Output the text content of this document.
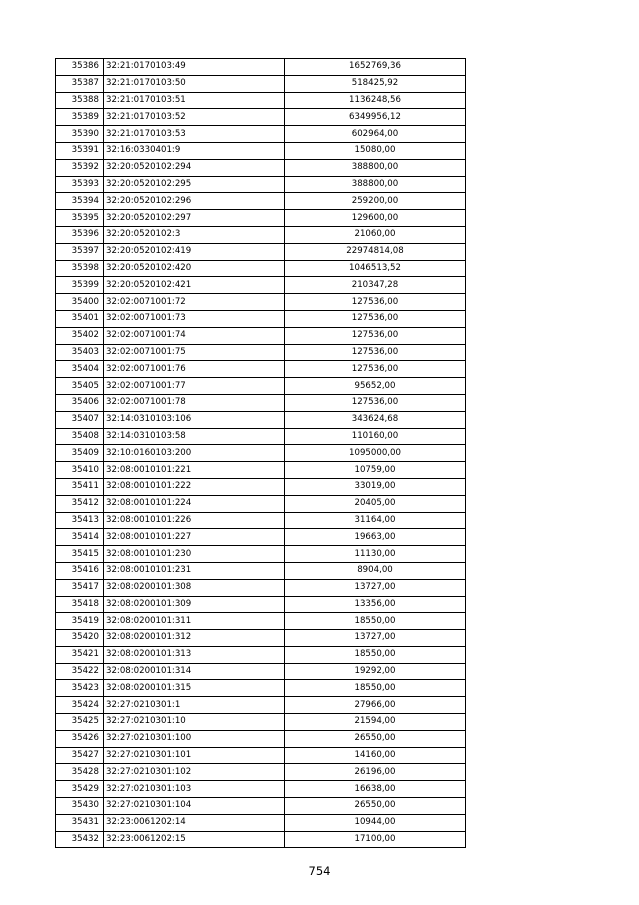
35386	32:21:0170103:49	1652769,36
35387	32:21:0170103:50	518425,92
35388	32:21:0170103:51	1136248,56
35389	32:21:0170103:52	6349956,12
35390	32:21:0170103:53	602964,00
35391	32:16:0330401:9	15080,00
35392	32:20:0520102:294	388800,00
35393	32:20:0520102:295	388800,00
35394	32:20:0520102:296	259200,00
35395	32:20:0520102:297	129600,00
35396	32:20:0520102:3	21060,00
35397	32:20:0520102:419	22974814,08
35398	32:20:0520102:420	1046513,52
35399	32:20:0520102:421	210347,28
35400	32:02:0071001:72	127536,00
35401	32:02:0071001:73	127536,00
35402	32:02:0071001:74	127536,00
35403	32:02:0071001:75	127536,00
35404	32:02:0071001:76	127536,00
35405	32:02:0071001:77	95652,00
35406	32:02:0071001:78	127536,00
35407	32:14:0310103:106	343624,68
35408	32:14:0310103:58	110160,00
35409	32:10:0160103:200	1095000,00
35410	32:08:0010101:221	10759,00
35411	32:08:0010101:222	33019,00
35412	32:08:0010101:224	20405,00
35413	32:08:0010101:226	31164,00
35414	32:08:0010101:227	19663,00
35415	32:08:0010101:230	11130,00
35416	32:08:0010101:231	8904,00
35417	32:08:0200101:308	13727,00
35418	32:08:0200101:309	13356,00
35419	32:08:0200101:311	18550,00
35420	32:08:0200101:312	13727,00
35421	32:08:0200101:313	18550,00
35422	32:08:0200101:314	19292,00
35423	32:08:0200101:315	18550,00
35424	32:27:0210301:1	27966,00
35425	32:27:0210301:10	21594,00
35426	32:27:0210301:100	26550,00
35427	32:27:0210301:101	14160,00
35428	32:27:0210301:102	26196,00
35429	32:27:0210301:103	16638,00
35430	32:27:0210301:104	26550,00
35431	32:23:0061202:14	10944,00
35432	32:23:0061202:15	17100,00
754
